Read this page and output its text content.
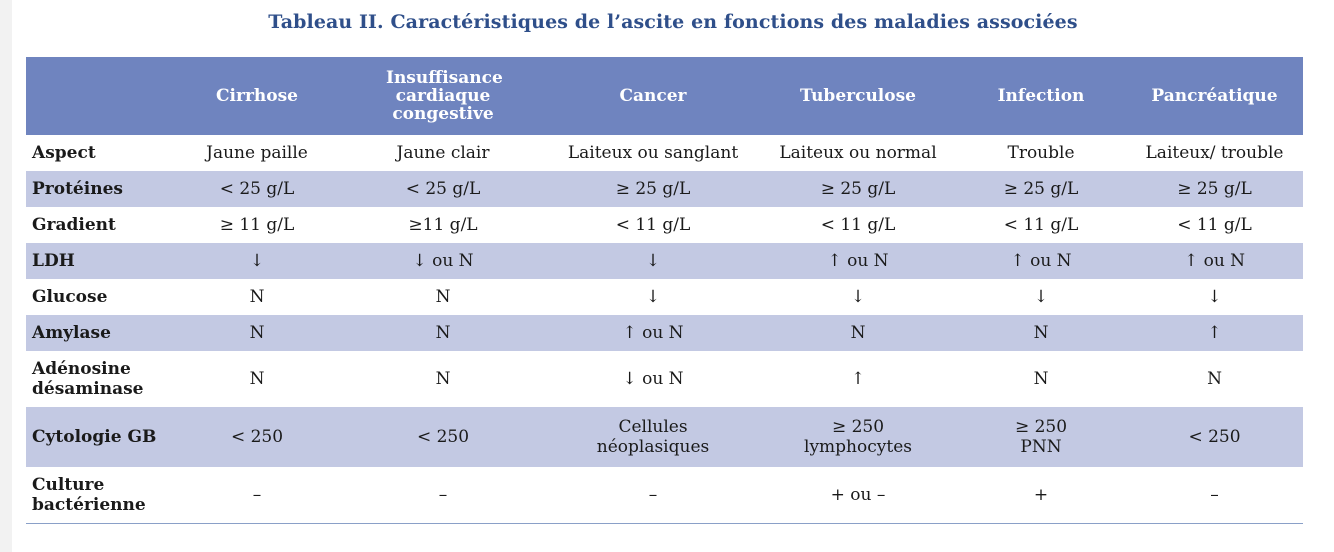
Tableau II. Caractéristiques de l’ascite en fonctions des maladies associées
	Cirrhose	Insuffisance cardiaque congestive	Cancer	Tuberculose	Infection	Pancréatique
Aspect	Jaune paille	Jaune clair	Laiteux ou sanglant	Laiteux ou normal	Trouble	Laiteux/ trouble
Protéines	< 25 g/L	< 25 g/L	≥ 25 g/L	≥ 25 g/L	≥ 25 g/L	≥ 25 g/L
Gradient	≥ 11 g/L	≥11 g/L	< 11 g/L	< 11 g/L	< 11 g/L	< 11 g/L
LDH	↓	↓ ou N	↓	↑ ou N	↑ ou N	↑ ou N
Glucose	N	N	↓	↓	↓	↓
Amylase	N	N	↑ ou N	N	N	↑
Adénosine désaminase	N	N	↓ ou N	↑	N	N
Cytologie GB	< 250	< 250	Cellules néoplasiques	≥ 250 lymphocytes	≥ 250 PNN	< 250
Culture bactérienne	–	–	–	+ ou –	+	–
